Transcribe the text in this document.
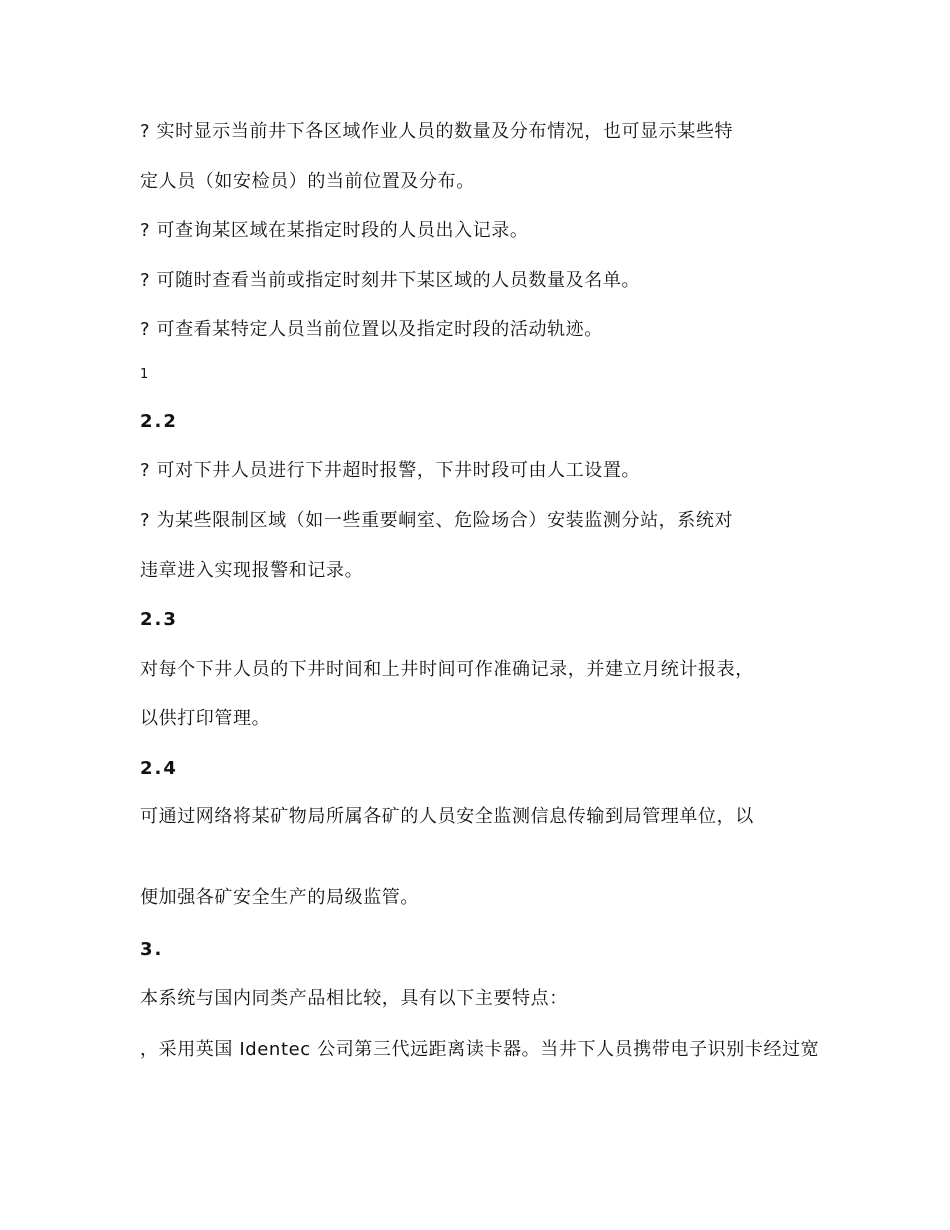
? 实时显示当前井下各区域作业人员的数量及分布情况，也可显示某些特
定人员（如安检员）的当前位置及分布。
? 可查询某区域在某指定时段的人员出入记录。
? 可随时查看当前或指定时刻井下某区域的人员数量及名单。
? 可查看某特定人员当前位置以及指定时段的活动轨迹。
1
2.2
? 可对下井人员进行下井超时报警，下井时段可由人工设置。
? 为某些限制区域（如一些重要峒室、危险场合）安装监测分站，系统对
违章进入实现报警和记录。
2.3
对每个下井人员的下井时间和上井时间可作准确记录，并建立月统计报表，
以供打印管理。
2.4
可通过网络将某矿物局所属各矿的人员安全监测信息传输到局管理单位，以
便加强各矿安全生产的局级监管。
3.
本系统与国内同类产品相比较，具有以下主要特点：
，采用英国 Identec 公司第三代远距离读卡器。当井下人员携带电子识别卡经过宽
